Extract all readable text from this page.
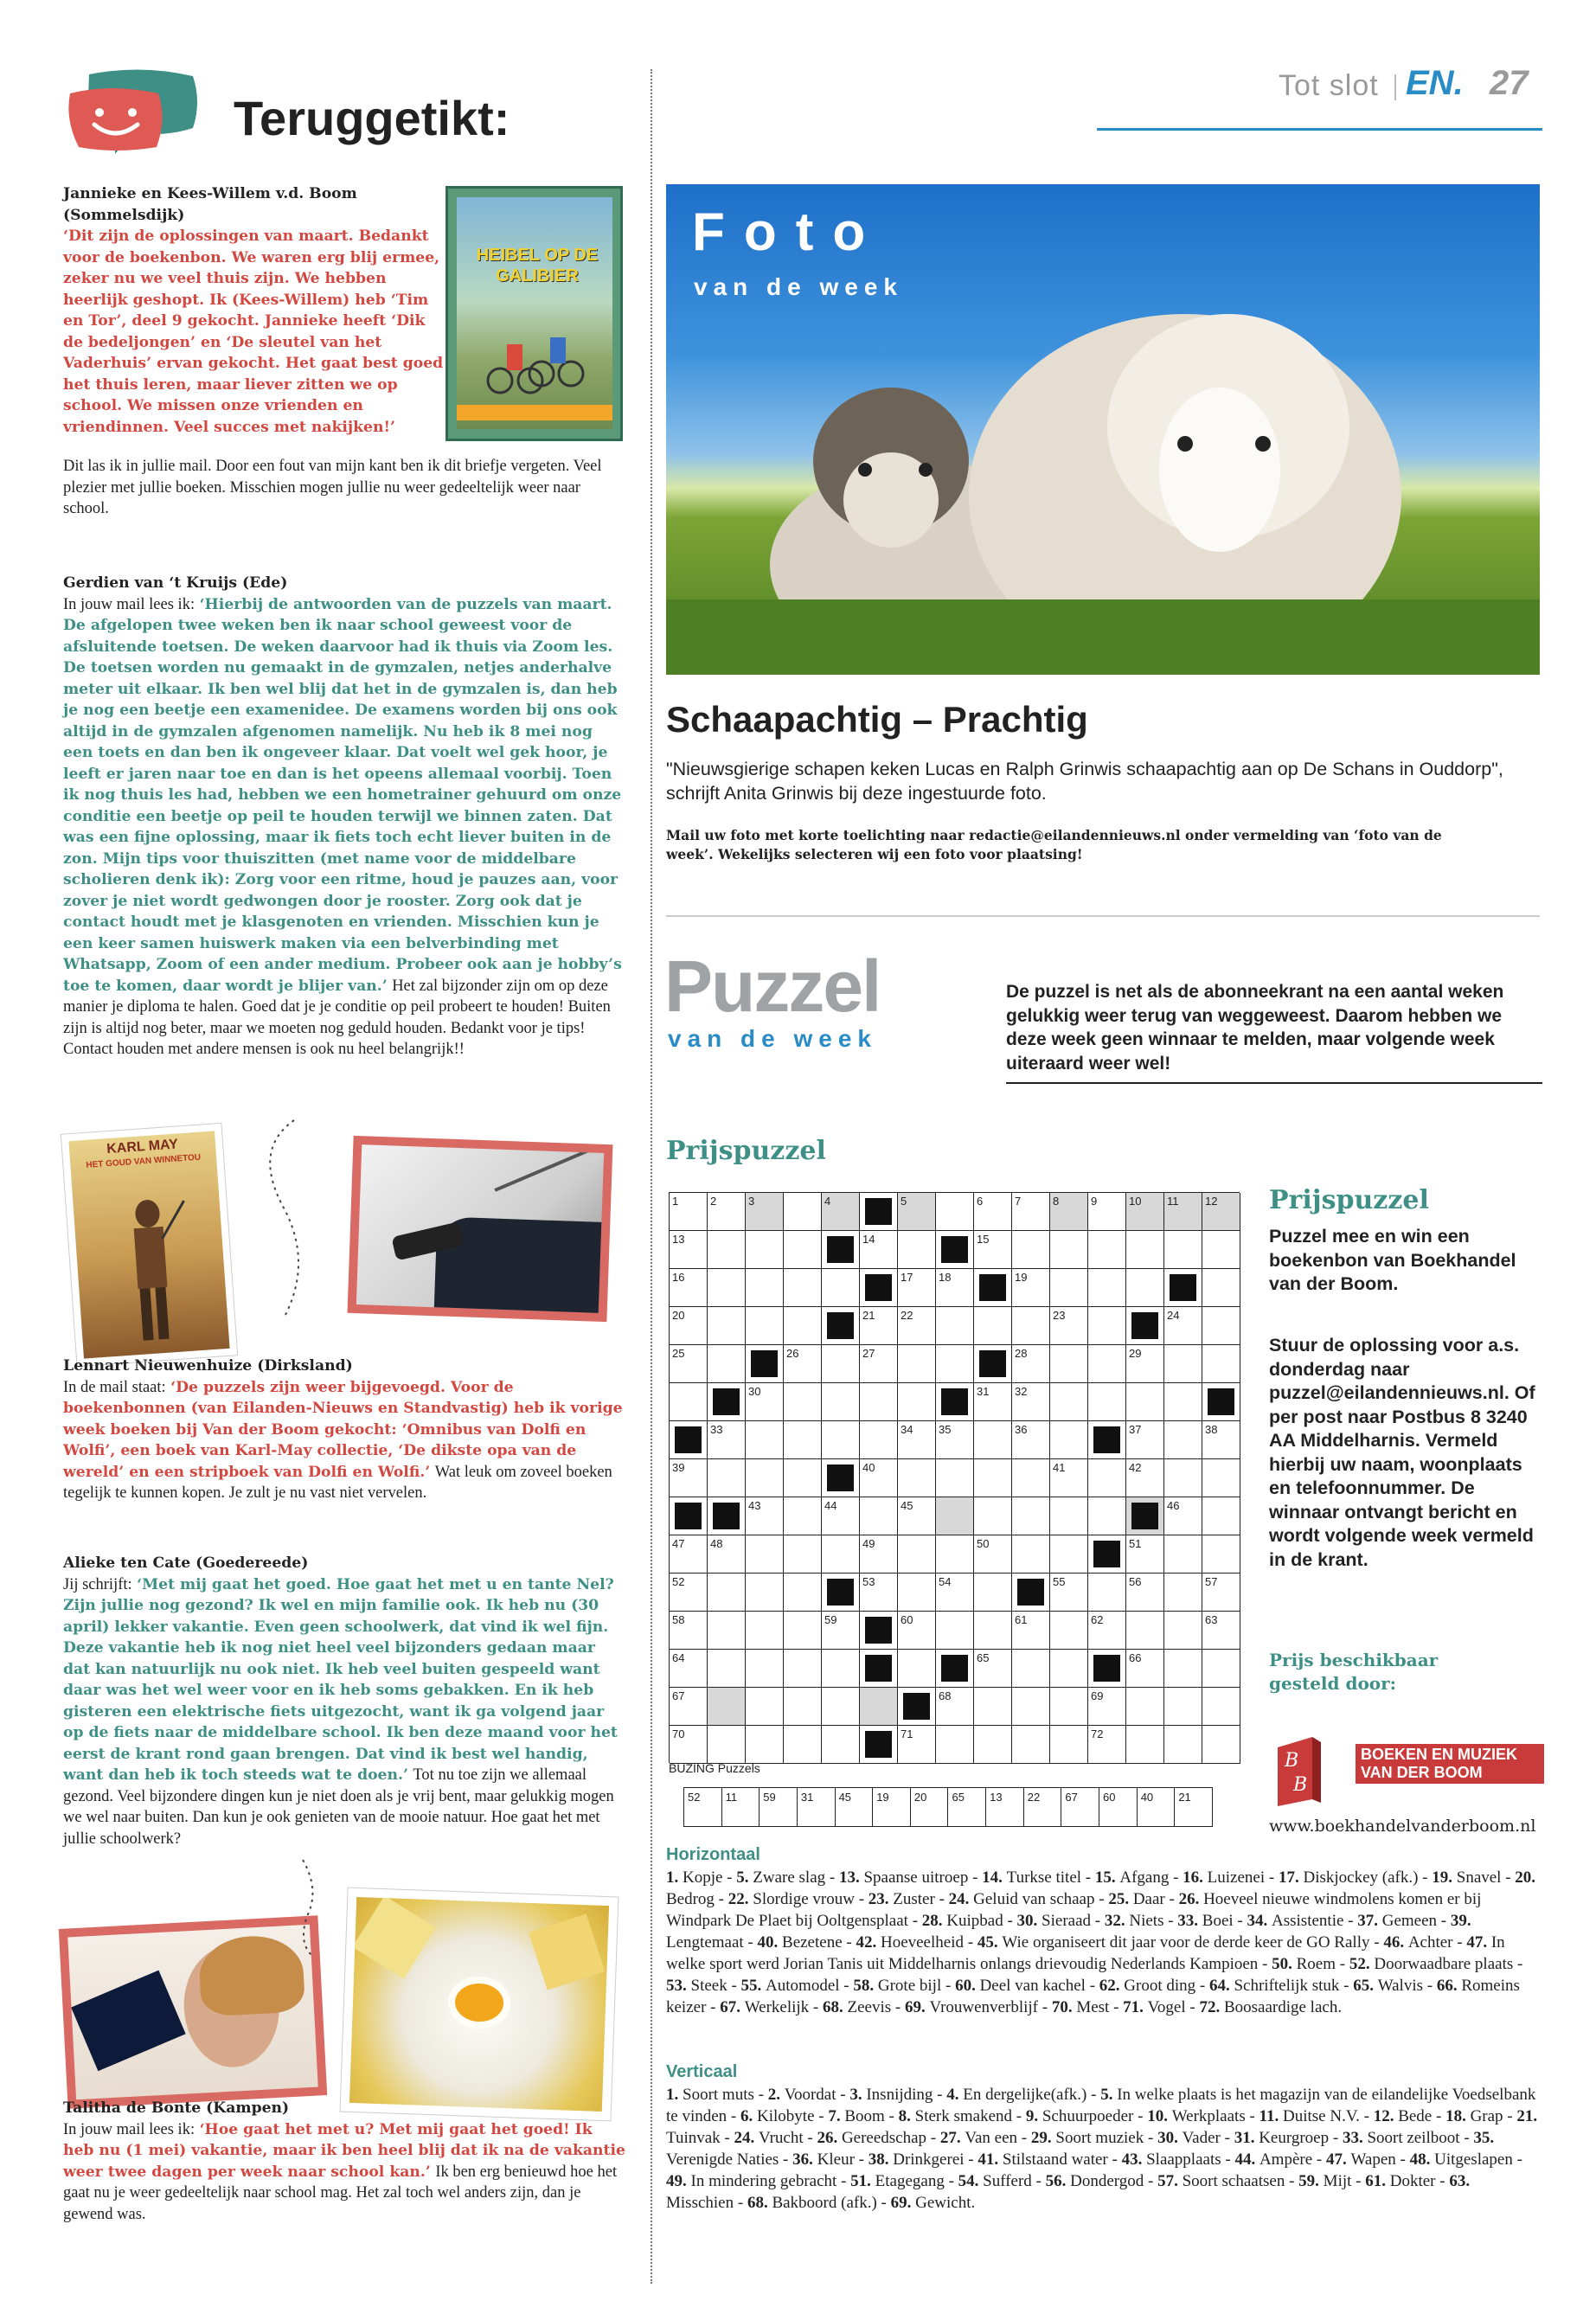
Tot slot EN. 27
Teruggetikt:
HEIBEL OP DE GALIBIER
Jannieke en Kees-Willem v.d. Boom (Sommelsdijk)
‘Dit zijn de oplossingen van maart. Bedankt voor de boekenbon. We waren erg blij ermee, zeker nu we veel thuis zijn. We hebben heerlijk geshopt. Ik (Kees-Willem) heb ‘Tim en Tor’, deel 9 gekocht. Jannieke heeft ‘Dik de bedeljongen’ en ‘De sleutel van het Vaderhuis’ ervan gekocht. Het gaat best goed het thuis leren, maar liever zitten we op school. We missen onze vrienden en vriendinnen. Veel succes met nakijken!’
Dit las ik in jullie mail. Door een fout van mijn kant ben ik dit briefje vergeten. Veel plezier met jullie boeken. Misschien mogen jullie nu weer gedeeltelijk weer naar school.
Gerdien van ‘t Kruijs (Ede)
In jouw mail lees ik: ‘Hierbij de antwoorden van de puzzels van maart. De afgelopen twee weken ben ik naar school geweest voor de afsluitende toetsen. De weken daarvoor had ik thuis via Zoom les. De toetsen worden nu gemaakt in de gymzalen, netjes anderhalve meter uit elkaar. Ik ben wel blij dat het in de gymzalen is, dan heb je nog een beetje een examenidee. De examens worden bij ons ook altijd in de gymzalen afgenomen namelijk. Nu heb ik 8 mei nog een toets en dan ben ik ongeveer klaar. Dat voelt wel gek hoor, je leeft er jaren naar toe en dan is het opeens allemaal voorbij. Toen ik nog thuis les had, hebben we een hometrainer gehuurd om onze conditie een beetje op peil te houden terwijl we binnen zaten. Dat was een fijne oplossing, maar ik fiets toch echt liever buiten in de zon. Mijn tips voor thuiszitten (met name voor de middelbare scholieren denk ik): Zorg voor een ritme, houd je pauzes aan, voor zover je niet wordt gedwongen door je rooster. Zorg ook dat je contact houdt met je klasgenoten en vrienden. Misschien kun je een keer samen huiswerk maken via een belverbinding met Whatsapp, Zoom of een ander medium. Probeer ook aan je hobby’s toe te komen, daar wordt je blijer van.’ Het zal bijzonder zijn om op deze manier je diploma te halen. Goed dat je je conditie op peil probeert te houden! Buiten zijn is altijd nog beter, maar we moeten nog geduld houden. Bedankt voor je tips! Contact houden met andere mensen is ook nu heel belangrijk!!
KARL MAY
HET GOUD VAN WINNETOU
Lennart Nieuwenhuize (Dirksland)
In de mail staat: ‘De puzzels zijn weer bijgevoegd. Voor de boekenbonnen (van Eilanden-Nieuws en Standvastig) heb ik vorige week boeken bij Van der Boom gekocht: ‘Omnibus van Dolfi en Wolfi’, een boek van Karl-May collectie, ‘De dikste opa van de wereld’ en een stripboek van Dolfi en Wolfi.’ Wat leuk om zoveel boeken tegelijk te kunnen kopen. Je zult je nu vast niet vervelen.
Alieke ten Cate (Goedereede)
Jij schrijft: ‘Met mij gaat het goed. Hoe gaat het met u en tante Nel? Zijn jullie nog gezond? Ik wel en mijn familie ook. Ik heb nu (30 april) lekker vakantie. Even geen schoolwerk, dat vind ik wel fijn. Deze vakantie heb ik nog niet heel veel bijzonders gedaan maar dat kan natuurlijk nu ook niet. Ik heb veel buiten gespeeld want daar was het wel weer voor en ik heb soms gebakken. En ik heb gisteren een elektrische fiets uitgezocht, want ik ga volgend jaar op de fiets naar de middelbare school. Ik ben deze maand voor het eerst de krant rond gaan brengen. Dat vind ik best wel handig, want dan heb ik toch steeds wat te doen.’ Tot nu toe zijn we allemaal gezond. Veel bijzondere dingen kun je niet doen als je vrij bent, maar gelukkig mogen we wel naar buiten. Dan kun je ook genieten van de mooie natuur. Hoe gaat het met jullie schoolwerk?
Talitha de Bonte (Kampen)
In jouw mail lees ik: ‘Hoe gaat het met u? Met mij gaat het goed! Ik heb nu (1 mei) vakantie, maar ik ben heel blij dat ik na de vakantie weer twee dagen per week naar school kan.’ Ik ben erg benieuwd hoe het gaat nu je weer gedeeltelijk naar school mag. Het zal toch wel anders zijn, dan je gewend was.
Foto
van de week
Schaapachtig – Prachtig
"Nieuwsgierige schapen keken Lucas en Ralph Grinwis schaapachtig aan op De Schans in Ouddorp", schrijft Anita Grinwis bij deze ingestuurde foto.
Mail uw foto met korte toelichting naar redactie@eilandennieuws.nl onder vermelding van ‘foto van de week’. Wekelijks selecteren wij een foto voor plaatsing!
Puzzel
van de week
De puzzel is net als de abonneekrant na een aantal weken gelukkig weer terug van weggeweest. Daarom hebben we deze week geen winnaar te melden, maar volgende week uiteraard weer wel!
Prijspuzzel
1	2	3	4	5	6	7	8	9	10	11	12
13	14	15
16	17	18	19
20	21	22	23	24
25	26	27	28	29
30	31	32
33	34	35	36	37	38
39	40	41	42
43	44	45	46
47	48	49	50	51
52	53	54	55	56	57
58	59	60	61	62	63
64	65	66
67	68	69
70	71	72
BUZING Puzzels
52	11	59	31	45	19	20	65	13	22	67	60	40	21
Prijspuzzel
Puzzel mee en win een boekenbon van Boekhandel van der Boom.
Stuur de oplossing voor a.s. donderdag naar puzzel@eilandennieuws.nl. Of per post naar Postbus 8 3240 AA Middelharnis. Vermeld hierbij uw naam, woonplaats en telefoonnummer. De winnaar ontvangt bericht en wordt volgende week vermeld in de krant.
Prijs beschikbaar gesteld door:
B
B
BOEKEN EN MUZIEK VAN DER BOOM
www.boekhandelvanderboom.nl
Horizontaal
1. Kopje - 5. Zware slag - 13. Spaanse uitroep - 14. Turkse titel - 15. Afgang - 16. Luizenei - 17. Diskjockey (afk.) - 19. Snavel - 20. Bedrog - 22. Slordige vrouw - 23. Zuster - 24. Geluid van schaap - 25. Daar - 26. Hoeveel nieuwe windmolens komen er bij Windpark De Plaet bij Ooltgensplaat - 28. Kuipbad - 30. Sieraad - 32. Niets - 33. Boei - 34. Assistentie - 37. Gemeen - 39. Lengtemaat - 40. Bezetene - 42. Hoeveelheid - 45. Wie organiseert dit jaar voor de derde keer de GO Rally - 46. Achter - 47. In welke sport werd Jorian Tanis uit Middelharnis onlangs drievoudig Nederlands Kampioen - 50. Roem - 52. Doorwaadbare plaats - 53. Steek - 55. Automodel - 58. Grote bijl - 60. Deel van kachel - 62. Groot ding - 64. Schriftelijk stuk - 65. Walvis - 66. Romeins keizer - 67. Werkelijk - 68. Zeevis - 69. Vrouwenverblijf - 70. Mest - 71. Vogel - 72. Boosaardige lach.
Verticaal
1. Soort muts - 2. Voordat - 3. Insnijding - 4. En dergelijke(afk.) - 5. In welke plaats is het magazijn van de eilandelijke Voedselbank te vinden - 6. Kilobyte - 7. Boom - 8. Sterk smakend - 9. Schuurpoeder - 10. Werkplaats - 11. Duitse N.V. - 12. Bede - 18. Grap - 21. Tuinvak - 24. Vrucht - 26. Gereedschap - 27. Van een - 29. Soort muziek - 30. Vader - 31. Keurgroep - 33. Soort zeilboot - 35. Verenigde Naties - 36. Kleur - 38. Drinkgerei - 41. Stilstaand water - 43. Slaapplaats - 44. Ampère - 47. Wapen - 48. Uitgeslapen - 49. In mindering gebracht - 51. Etagegang - 54. Sufferd - 56. Dondergod - 57. Soort schaatsen - 59. Mijt - 61. Dokter - 63. Misschien - 68. Bakboord (afk.) - 69. Gewicht.
